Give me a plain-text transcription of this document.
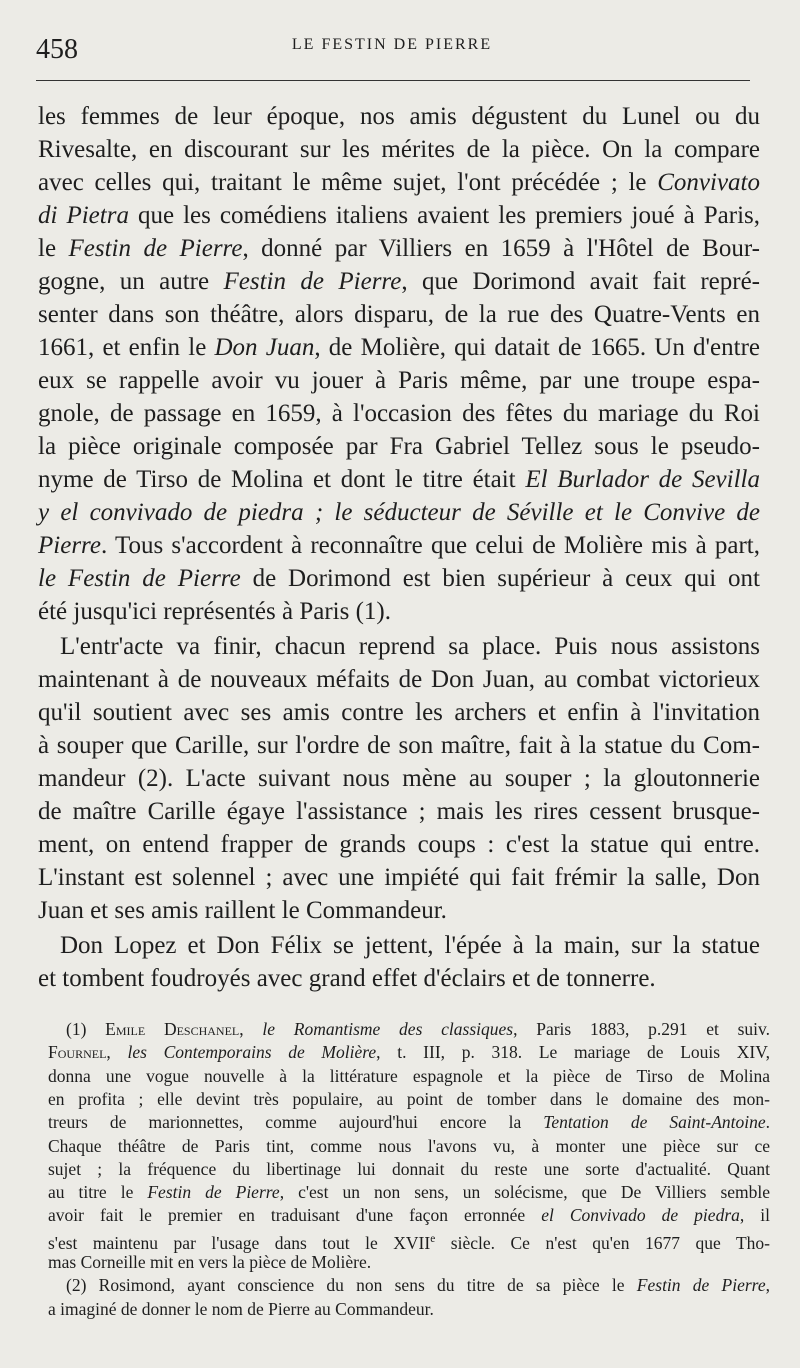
458	LE FESTIN DE PIERRE
les femmes de leur époque, nos amis dégustent du Lunel ou du
Rivesalte, en discourant sur les mérites de la pièce. On la compare
avec celles qui, traitant le même sujet, l'ont précédée ; le Convivato
di Pietra que les comédiens italiens avaient les premiers joué à Paris,
le Festin de Pierre, donné par Villiers en 1659 à l'Hôtel de Bour-
gogne, un autre Festin de Pierre, que Dorimond avait fait repré-
senter dans son théâtre, alors disparu, de la rue des Quatre-Vents en
1661, et enfin le Don Juan, de Molière, qui datait de 1665. Un d'entre
eux se rappelle avoir vu jouer à Paris même, par une troupe espa-
gnole, de passage en 1659, à l'occasion des fêtes du mariage du Roi
la pièce originale composée par Fra Gabriel Tellez sous le pseudo-
nyme de Tirso de Molina et dont le titre était El Burlador de Sevilla
y el convivado de piedra ; le séducteur de Séville et le Convive de
Pierre. Tous s'accordent à reconnaître que celui de Molière mis à part,
le Festin de Pierre de Dorimond est bien supérieur à ceux qui ont
été jusqu'ici représentés à Paris (1).
L'entr'acte va finir, chacun reprend sa place. Puis nous assistons
maintenant à de nouveaux méfaits de Don Juan, au combat victorieux
qu'il soutient avec ses amis contre les archers et enfin à l'invitation
à souper que Carille, sur l'ordre de son maître, fait à la statue du Com-
mandeur (2). L'acte suivant nous mène au souper ; la gloutonnerie
de maître Carille égaye l'assistance ; mais les rires cessent brusque-
ment, on entend frapper de grands coups : c'est la statue qui entre.
L'instant est solennel ; avec une impiété qui fait frémir la salle, Don
Juan et ses amis raillent le Commandeur.
Don Lopez et Don Félix se jettent, l'épée à la main, sur la statue
et tombent foudroyés avec grand effet d'éclairs et de tonnerre.
(1) Emile Deschanel, le Romantisme des classiques, Paris 1883, p.291 et suiv.
Fournel, les Contemporains de Molière, t. III, p. 318. Le mariage de Louis XIV,
donna une vogue nouvelle à la littérature espagnole et la pièce de Tirso de Molina
en profita ; elle devint très populaire, au point de tomber dans le domaine des mon-
treurs de marionnettes, comme aujourd'hui encore la Tentation de Saint-Antoine.
Chaque théâtre de Paris tint, comme nous l'avons vu, à monter une pièce sur ce
sujet ; la fréquence du libertinage lui donnait du reste une sorte d'actualité. Quant
au titre le Festin de Pierre, c'est un non sens, un solécisme, que De Villiers semble
avoir fait le premier en traduisant d'une façon erronnée el Convivado de piedra, il
s'est maintenu par l'usage dans tout le XVIIe siècle. Ce n'est qu'en 1677 que Tho-
mas Corneille mit en vers la pièce de Molière.
(2) Rosimond, ayant conscience du non sens du titre de sa pièce le Festin de Pierre,
a imaginé de donner le nom de Pierre au Commandeur.
